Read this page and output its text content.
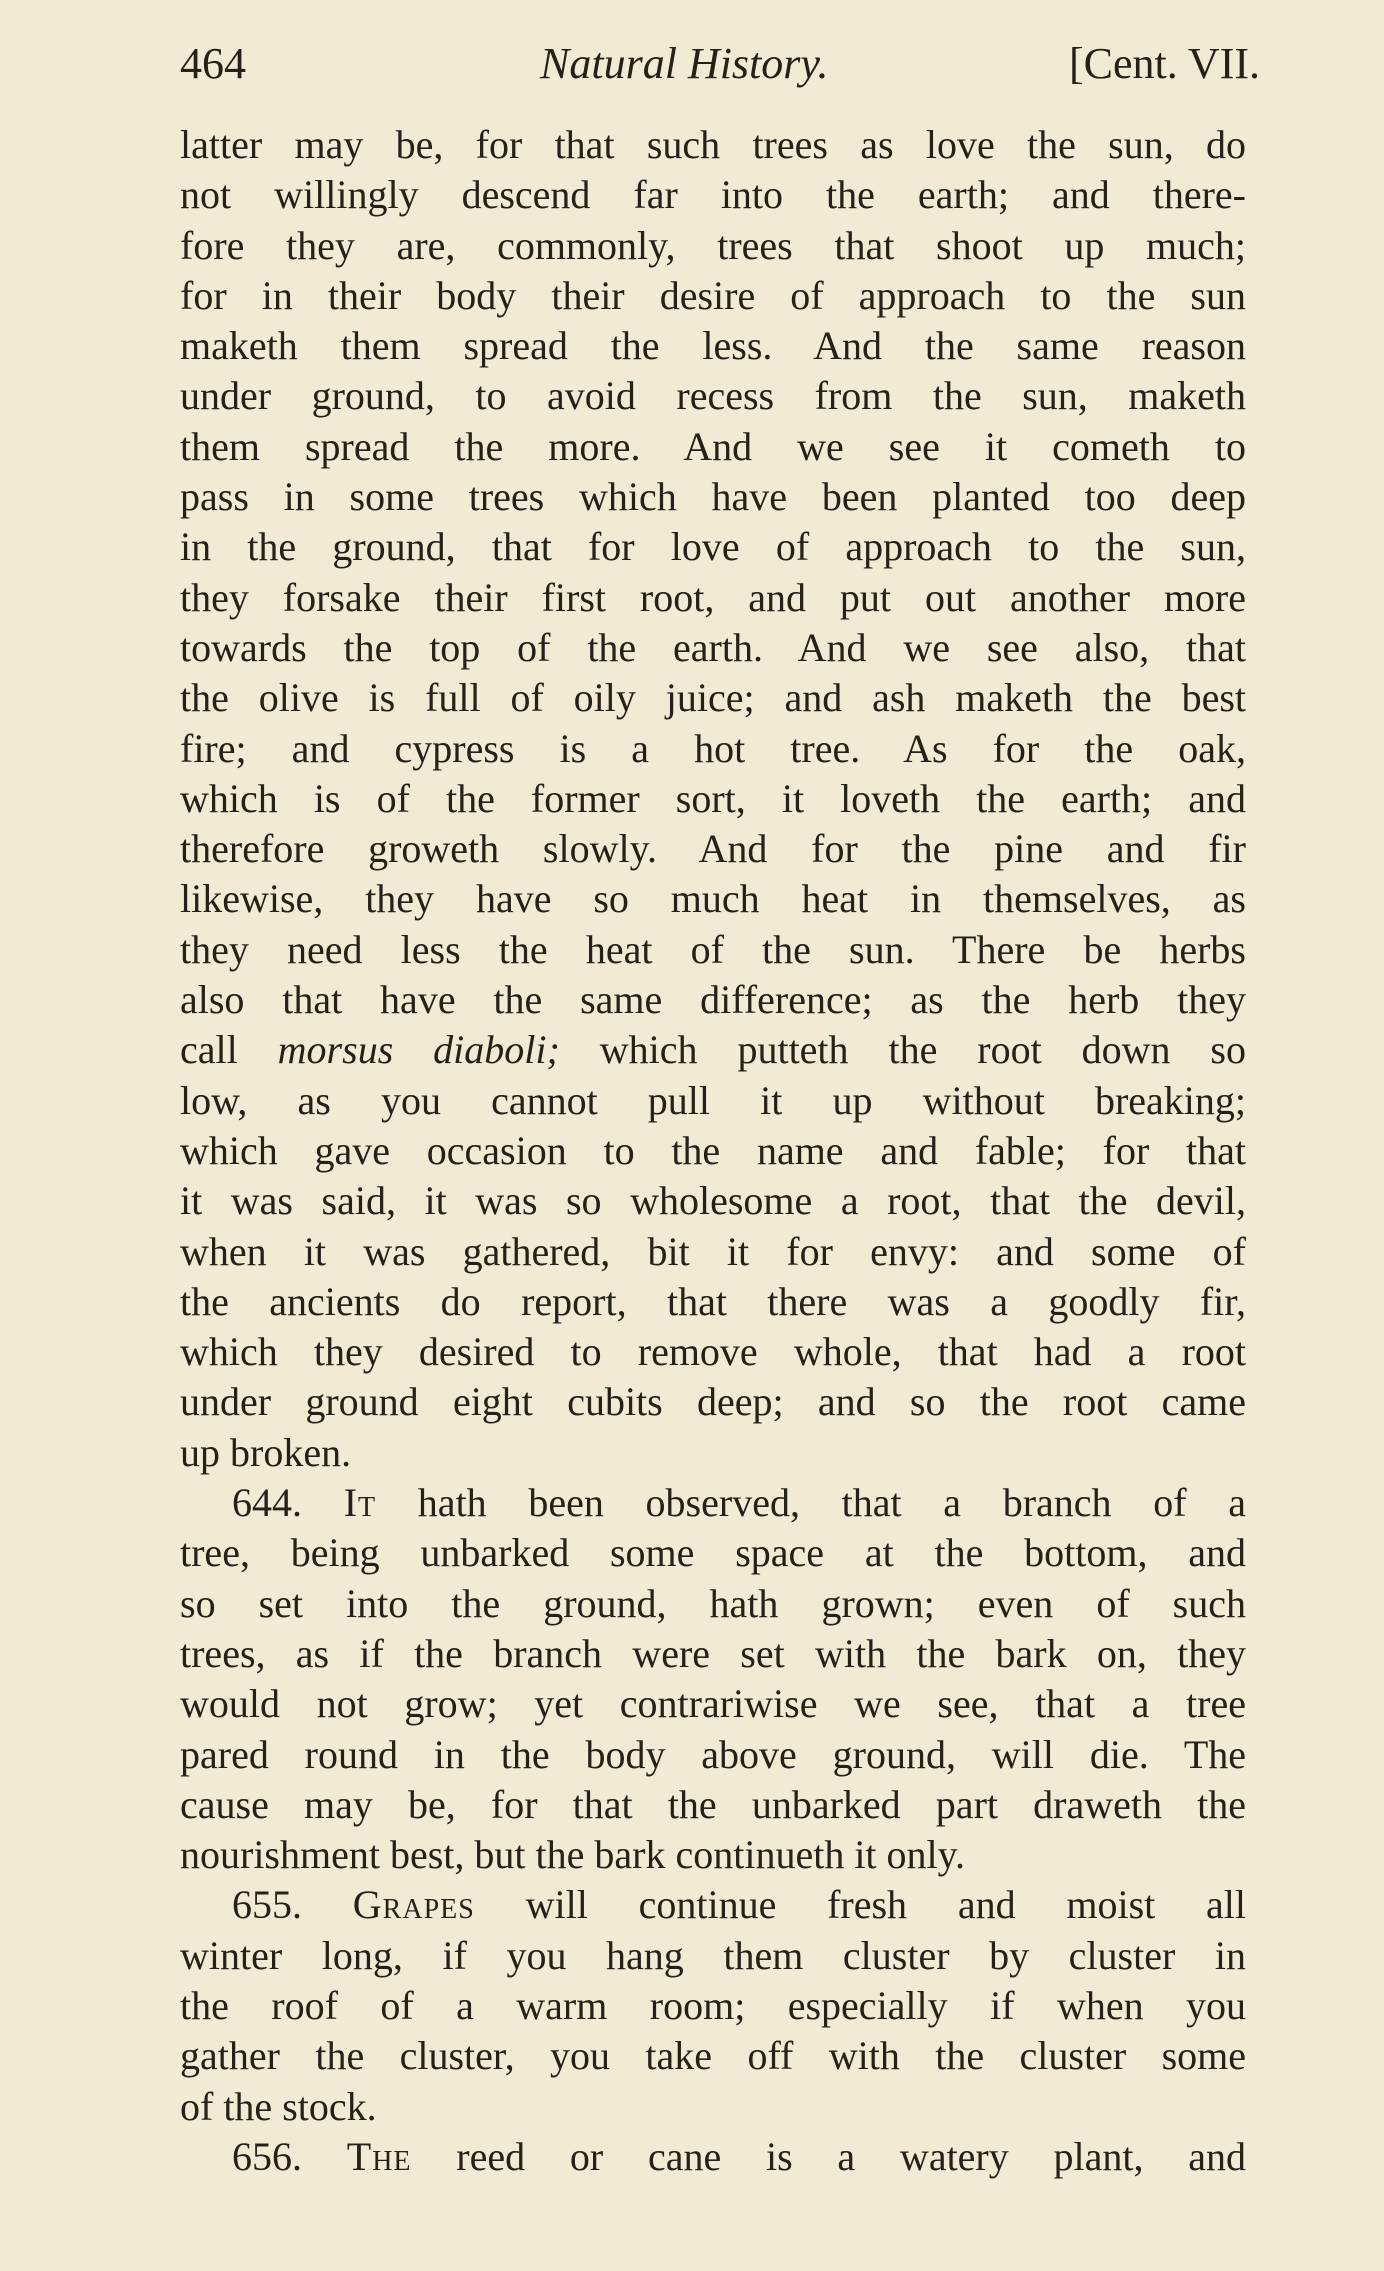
464	Natural History.	[Cent. VII.
latter may be, for that such trees as love the sun, do
not willingly descend far into the earth; and there-
fore they are, commonly, trees that shoot up much;
for in their body their desire of approach to the sun
maketh them spread the less. And the same reason
under ground, to avoid recess from the sun, maketh
them spread the more. And we see it cometh to
pass in some trees which have been planted too deep
in the ground, that for love of approach to the sun,
they forsake their first root, and put out another more
towards the top of the earth. And we see also, that
the olive is full of oily juice; and ash maketh the best
fire; and cypress is a hot tree. As for the oak,
which is of the former sort, it loveth the earth; and
therefore groweth slowly. And for the pine and fir
likewise, they have so much heat in themselves, as
they need less the heat of the sun. There be herbs
also that have the same difference; as the herb they
call morsus diaboli; which putteth the root down so
low, as you cannot pull it up without breaking;
which gave occasion to the name and fable; for that
it was said, it was so wholesome a root, that the devil,
when it was gathered, bit it for envy: and some of
the ancients do report, that there was a goodly fir,
which they desired to remove whole, that had a root
under ground eight cubits deep; and so the root came
up broken.
644. It hath been observed, that a branch of a
tree, being unbarked some space at the bottom, and
so set into the ground, hath grown; even of such
trees, as if the branch were set with the bark on, they
would not grow; yet contrariwise we see, that a tree
pared round in the body above ground, will die. The
cause may be, for that the unbarked part draweth the
nourishment best, but the bark continueth it only.
655. Grapes will continue fresh and moist all
winter long, if you hang them cluster by cluster in
the roof of a warm room; especially if when you
gather the cluster, you take off with the cluster some
of the stock.
656. The reed or cane is a watery plant, and
